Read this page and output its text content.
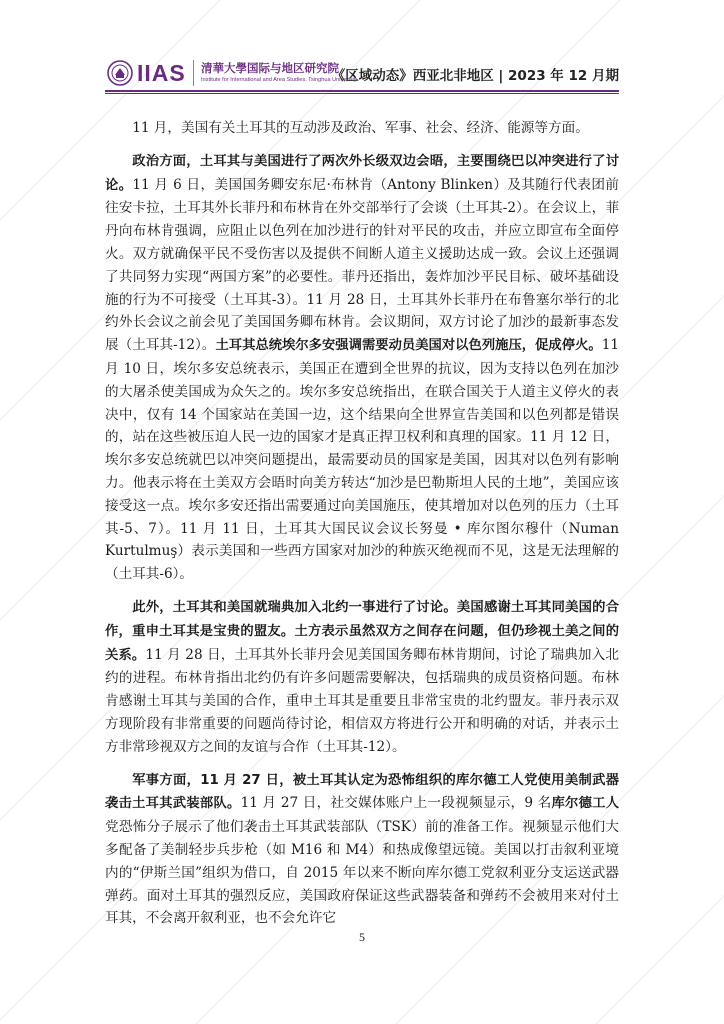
IIAS 清華大學国际与地区研究院
Institute for International and Area Studies, Tsinghua University
《区域动态》西亚北非地区 | 2023 年 12 月期

11 月，美国有关土耳其的互动涉及政治、军事、社会、经济、能源等方面。

政治方面，土耳其与美国进行了两次外长级双边会晤，主要围绕巴以冲突进行了讨论。11 月 6 日，美国国务卿安东尼·布林肯（Antony Blinken）及其随行代表团前往安卡拉，土耳其外长菲丹和布林肯在外交部举行了会谈（土耳其-2）。在会议上，菲丹向布林肯强调，应阻止以色列在加沙进行的针对平民的攻击，并应立即宣布全面停火。双方就确保平民不受伤害以及提供不间断人道主义援助达成一致。会议上还强调了共同努力实现“两国方案”的必要性。菲丹还指出，轰炸加沙平民目标、破坏基础设施的行为不可接受（土耳其-3）。11 月 28 日，土耳其外长菲丹在布鲁塞尔举行的北约外长会议之前会见了美国国务卿布林肯。会议期间，双方讨论了加沙的最新事态发展（土耳其-12）。土耳其总统埃尔多安强调需要动员美国对以色列施压，促成停火。11 月 10 日，埃尔多安总统表示，美国正在遭到全世界的抗议，因为支持以色列在加沙的大屠杀使美国成为众矢之的。埃尔多安总统指出，在联合国关于人道主义停火的表决中，仅有 14 个国家站在美国一边，这个结果向全世界宣告美国和以色列都是错误的，站在这些被压迫人民一边的国家才是真正捍卫权利和真理的国家。11 月 12 日，埃尔多安总统就巴以冲突问题提出，最需要动员的国家是美国，因其对以色列有影响力。他表示将在土美双方会晤时向美方转达“加沙是巴勒斯坦人民的土地”，美国应该接受这一点。埃尔多安还指出需要通过向美国施压，使其增加对以色列的压力（土耳其-5、7）。11 月 11 日，土耳其大国民议会议长努曼 • 库尔图尔穆什（Numan Kurtulmuş）表示美国和一些西方国家对加沙的种族灭绝视而不见，这是无法理解的（土耳其-6）。

此外，土耳其和美国就瑞典加入北约一事进行了讨论。美国感谢土耳其同美国的合作，重申土耳其是宝贵的盟友。土方表示虽然双方之间存在问题，但仍珍视土美之间的关系。11 月 28 日，土耳其外长菲丹会见美国国务卿布林肯期间，讨论了瑞典加入北约的进程。布林肯指出北约仍有许多问题需要解决，包括瑞典的成员资格问题。布林肯感谢土耳其与美国的合作，重申土耳其是重要且非常宝贵的北约盟友。菲丹表示双方现阶段有非常重要的问题尚待讨论，相信双方将进行公开和明确的对话，并表示土方非常珍视双方之间的友谊与合作（土耳其-12）。

军事方面，11 月 27 日，被土耳其认定为恐怖组织的库尔德工人党使用美制武器袭击土耳其武装部队。11 月 27 日，社交媒体账户上一段视频显示，9 名库尔德工人党恐怖分子展示了他们袭击土耳其武装部队（TSK）前的准备工作。视频显示他们大多配备了美制轻步兵步枪（如 M16 和 M4）和热成像望远镜。美国以打击叙利亚境内的“伊斯兰国”组织为借口，自 2015 年以来不断向库尔德工党叙利亚分支运送武器弹药。面对土耳其的强烈反应，美国政府保证这些武器装备和弹药不会被用来对付土耳其，不会离开叙利亚，也不会允许它

5
